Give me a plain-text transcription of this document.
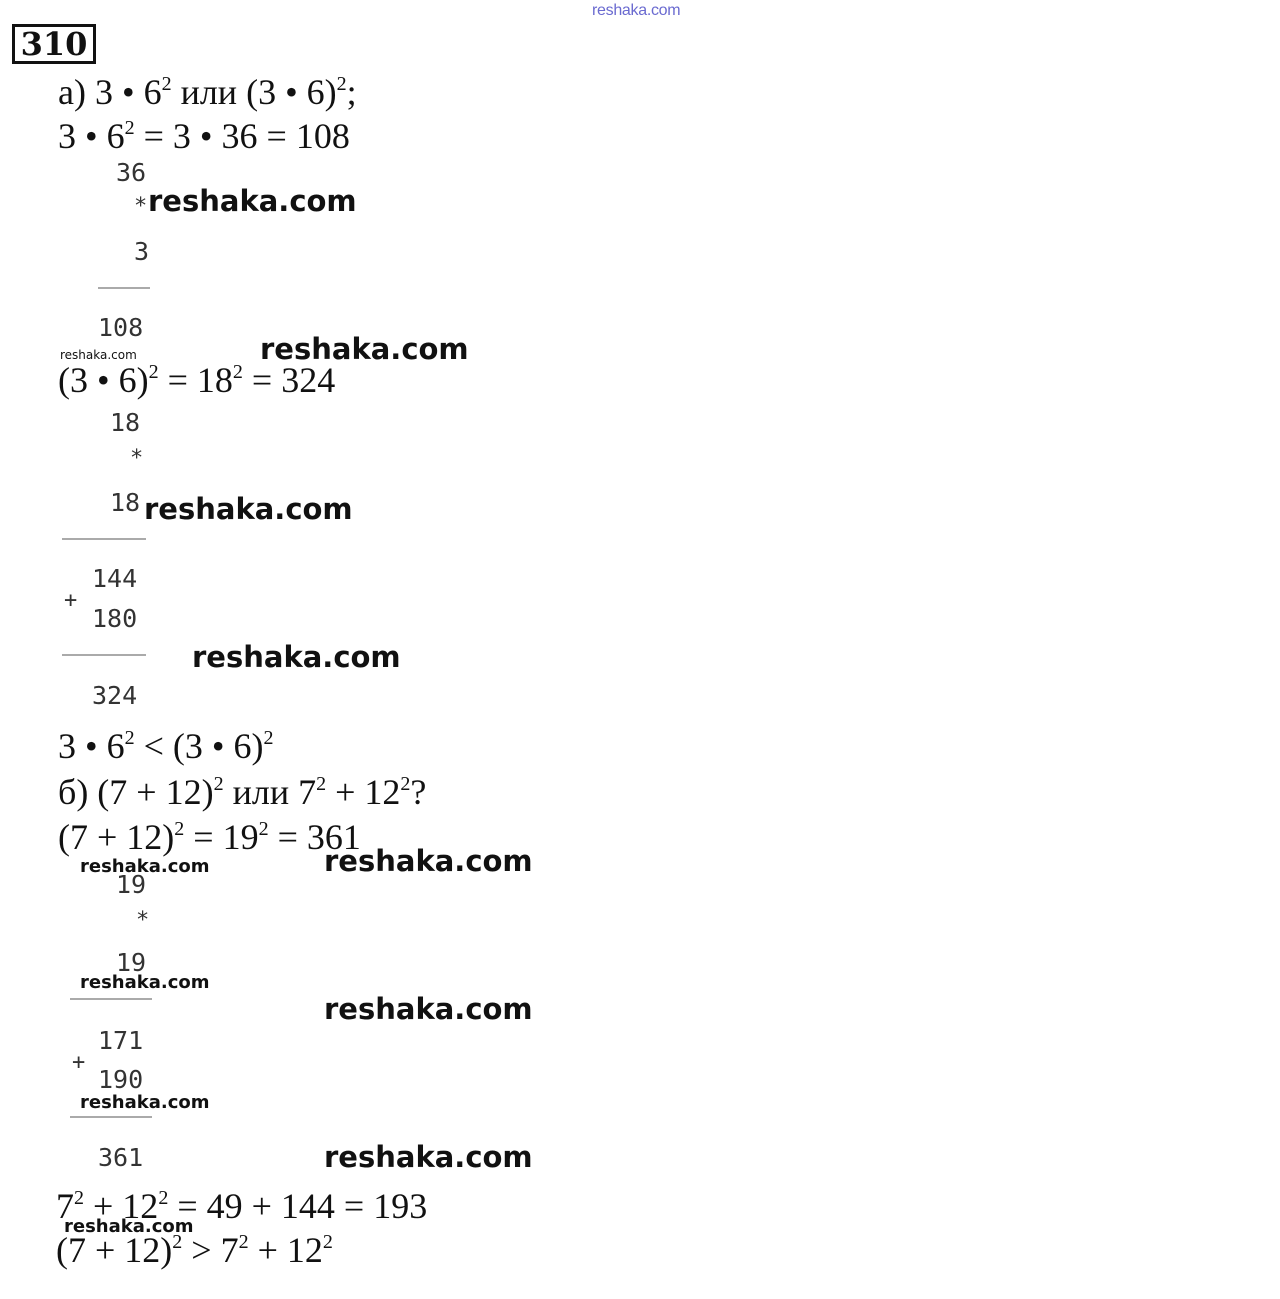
reshaka.com
310
а) 3 • $6^2$ или (3 • 6)$^2$;
3 • $6^2 = 3$ • 36 = 108
36
*
3
108
(3 • $6)^2 = 18^2 = 324$
18
*
18
144
+
180
324
3 • $6^2 < (3$ • 6)$^2$
б) $(7 + 12)^2$ или $7^2 + 12^2$?
$(7 + 12)^2 = 19^2 = 361$
19
*
19
171
+
190
361
$7^2 + 12^2 = 49 + 144 = 193$
$(7 + 12)^2 > 7^2 + 12^2$
reshaka.com
reshaka.com
reshaka.com
reshaka.com
reshaka.com
reshaka.com
reshaka.com
reshaka.com
reshaka.com
reshaka.com
reshaka.com
reshaka.com
